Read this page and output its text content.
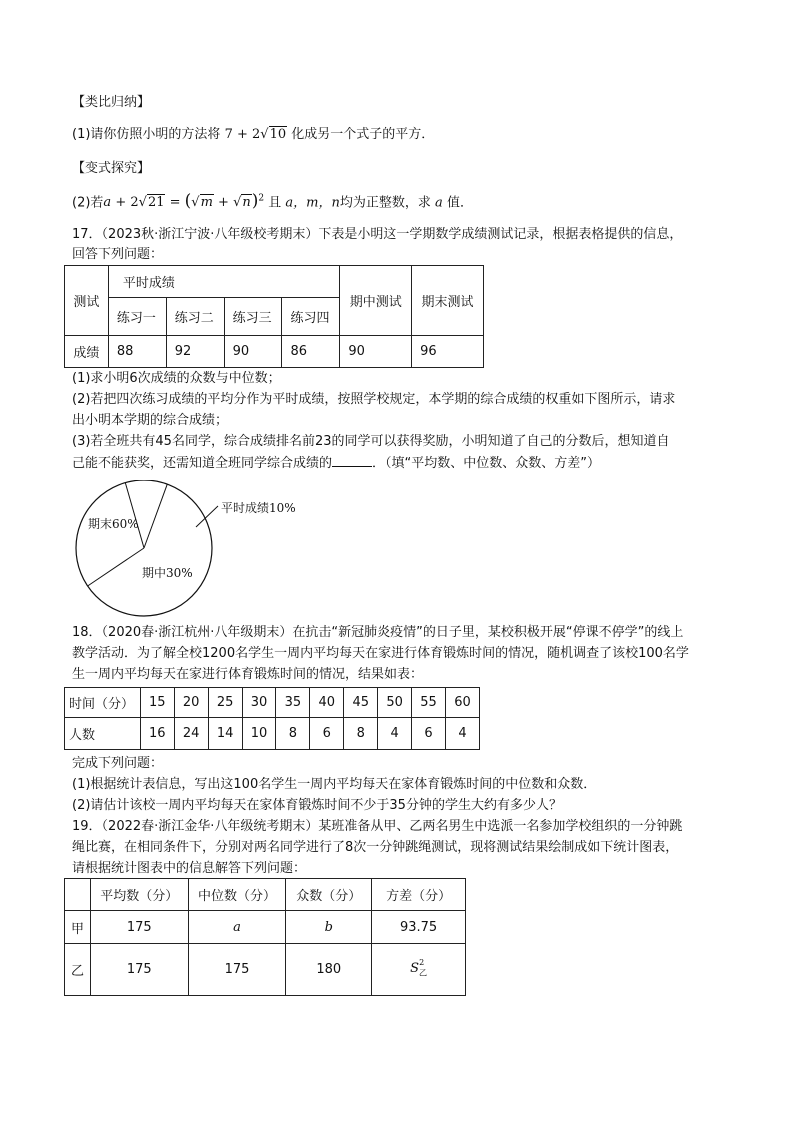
【类比归纳】
(1)请你仿照小明的方法将 7 + 2√10 化成另一个式子的平方．
【变式探究】
(2)若$a + 2√21 = (√m + √n)^2$ 且 a，m，n均为正整数，求 a 值．
17．（2023秋·浙江宁波·八年级校考期末）下表是小明这一学期数学成绩测试记录，根据表格提供的信息，
回答下列问题：
测试	平时成绩				期中测试	期末测试
	练习一	练习二	练习三	练习四		
成绩	88	92	90	86	90	96
(1)求小明6次成绩的众数与中位数；
(2)若把四次练习成绩的平均分作为平时成绩，按照学校规定，本学期的综合成绩的权重如下图所示，请求
出小明本学期的综合成绩；
(3)若全班共有45名同学，综合成绩排名前23的同学可以获得奖励，小明知道了自己的分数后，想知道自
己能不能获奖，还需知道全班同学综合成绩的	．（填“平均数、中位数、众数、方差”）
期末60%
期中30%
平时成绩10%
18．（2020春·浙江杭州·八年级期末）在抗击“新冠肺炎疫情”的日子里，某校积极开展“停课不停学”的线上
教学活动．为了解全校1200名学生一周内平均每天在家进行体育锻炼时间的情况，随机调查了该校100名学
生一周内平均每天在家进行体育锻炼时间的情况，结果如表：
时间（分）	15	20	25	30	35	40	45	50	55	60
人数	16	24	14	10	8	6	8	4	6	4
完成下列问题：
(1)根据统计表信息，写出这100名学生一周内平均每天在家体育锻炼时间的中位数和众数．
(2)请估计该校一周内平均每天在家体育锻炼时间不少于35分钟的学生大约有多少人？
19．（2022春·浙江金华·八年级统考期末）某班准备从甲、乙两名男生中选派一名参加学校组织的一分钟跳
绳比赛，在相同条件下，分别对两名同学进行了8次一分钟跳绳测试，现将测试结果绘制成如下统计图表，
请根据统计图表中的信息解答下列问题：
	平均数（分）	中位数（分）	众数（分）	方差（分）
甲	175	a	b	93.75
乙	175	175	180	$S_乙$
2
